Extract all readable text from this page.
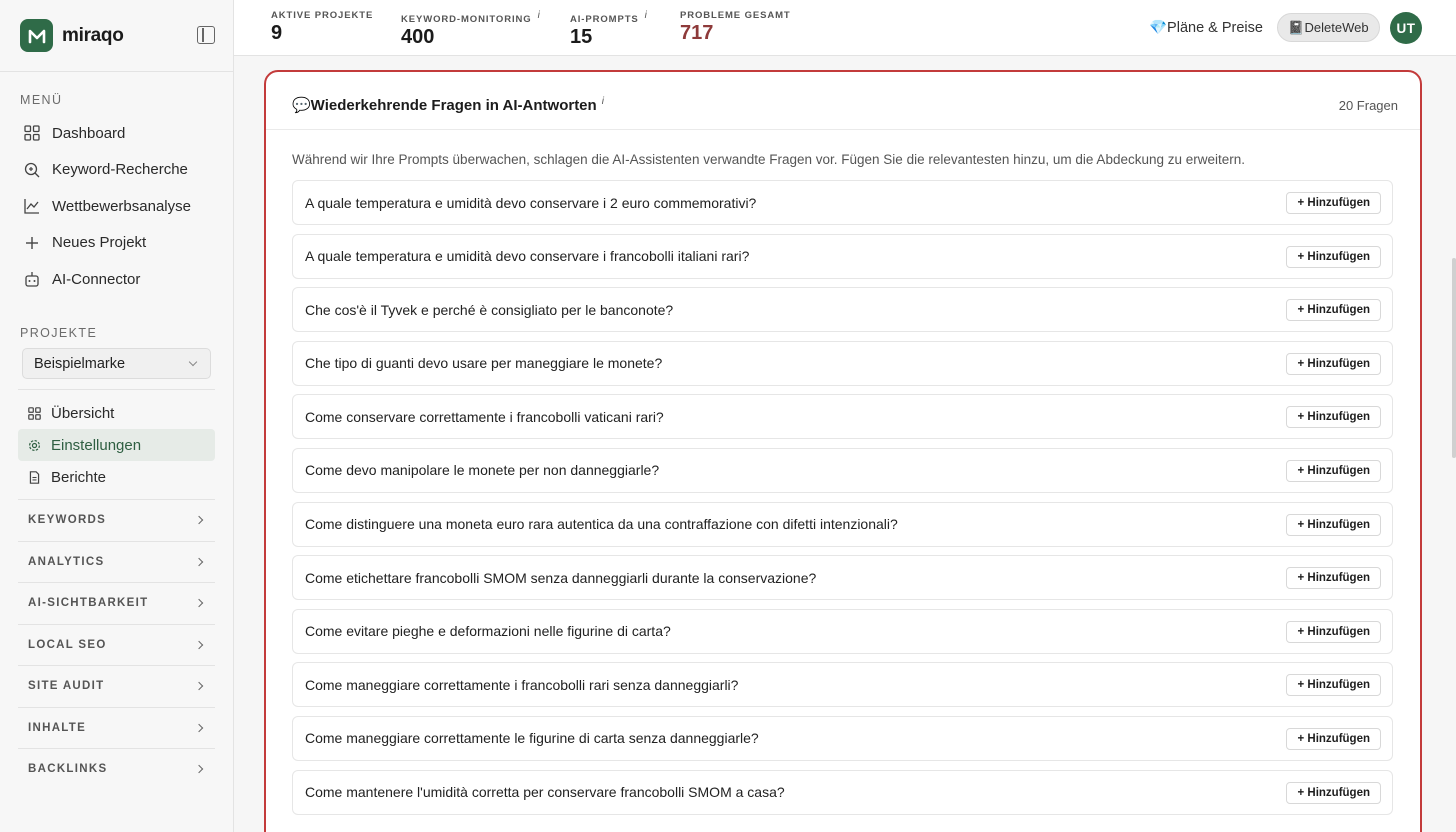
miraqo
MENÜ
Dashboard
Keyword-Recherche
Wettbewerbsanalyse
Neues Projekt
AI-Connector
PROJEKTE
Beispielmarke
Übersicht
Einstellungen
Berichte
KEYWORDS
ANALYTICS
AI-SICHTBARKEIT
LOCAL SEO
SITE AUDIT
INHALTE
BACKLINKS
AKTIVE PROJEKTE
9
KEYWORD-MONITORING $^i$
400
AI-PROMPTS $^i$
15
PROBLEME GESAMT
717	💎Pläne & Preise	📓DeleteWeb	UT
💬Wiederkehrende Fragen in AI-Antworten $^i$	20 Fragen
Während wir Ihre Prompts überwachen, schlagen die AI-Assistenten verwandte Fragen vor. Fügen Sie die relevantesten hinzu, um die Abdeckung zu erweitern.
A quale temperatura e umidità devo conservare i 2 euro commemorativi?	+ Hinzufügen
A quale temperatura e umidità devo conservare i francobolli italiani rari?	+ Hinzufügen
Che cos'è il Tyvek e perché è consigliato per le banconote?	+ Hinzufügen
Che tipo di guanti devo usare per maneggiare le monete?	+ Hinzufügen
Come conservare correttamente i francobolli vaticani rari?	+ Hinzufügen
Come devo manipolare le monete per non danneggiarle?	+ Hinzufügen
Come distinguere una moneta euro rara autentica da una contraffazione con difetti intenzionali?	+ Hinzufügen
Come etichettare francobolli SMOM senza danneggiarli durante la conservazione?	+ Hinzufügen
Come evitare pieghe e deformazioni nelle figurine di carta?	+ Hinzufügen
Come maneggiare correttamente i francobolli rari senza danneggiarli?	+ Hinzufügen
Come maneggiare correttamente le figurine di carta senza danneggiarle?	+ Hinzufügen
Come mantenere l'umidità corretta per conservare francobolli SMOM a casa?	+ Hinzufügen
